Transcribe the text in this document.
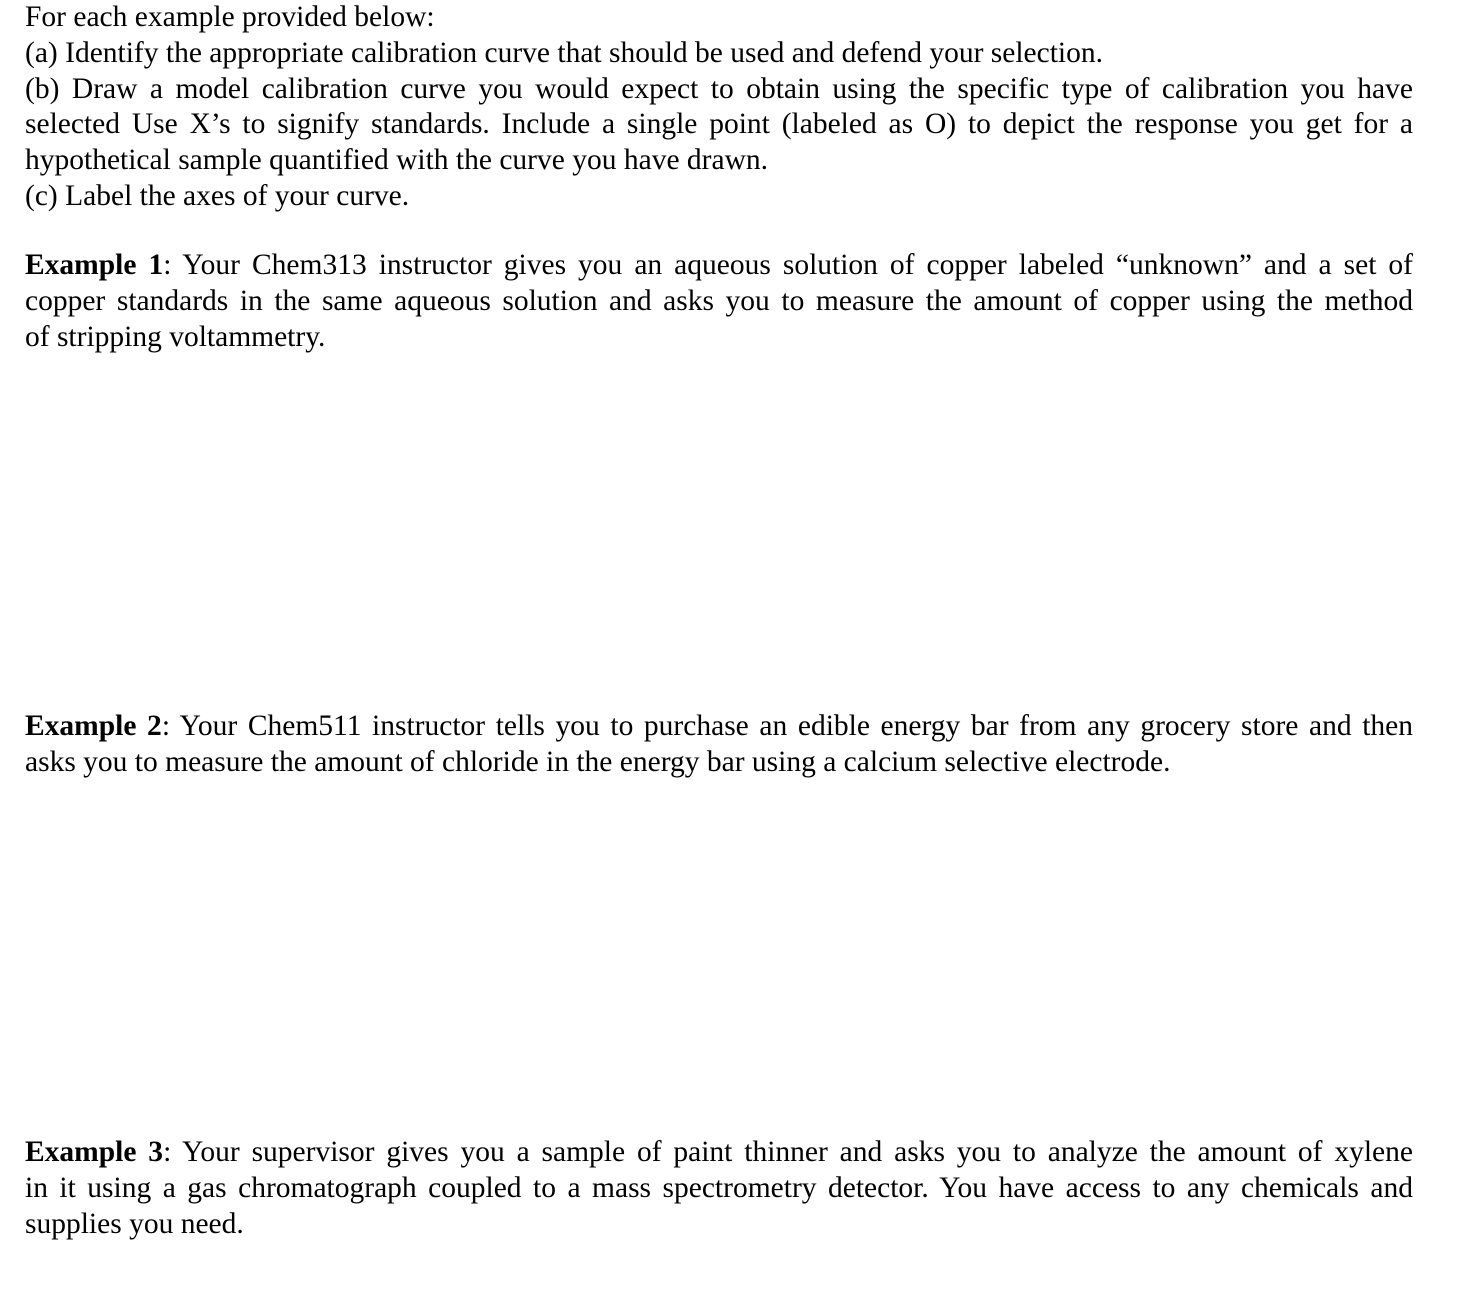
For each example provided below:
(a) Identify the appropriate calibration curve that should be used and defend your selection.
(b) Draw a model calibration curve you would expect to obtain using the specific type of calibration you have
selected Use X’s to signify standards. Include a single point (labeled as O) to depict the response you get for a
hypothetical sample quantified with the curve you have drawn.
(c) Label the axes of your curve.
Example 1: Your Chem313 instructor gives you an aqueous solution of copper labeled “unknown” and a set of
copper standards in the same aqueous solution and asks you to measure the amount of copper using the method
of stripping voltammetry.
Example 2: Your Chem511 instructor tells you to purchase an edible energy bar from any grocery store and then
asks you to measure the amount of chloride in the energy bar using a calcium selective electrode.
Example 3: Your supervisor gives you a sample of paint thinner and asks you to analyze the amount of xylene
in it using a gas chromatograph coupled to a mass spectrometry detector. You have access to any chemicals and
supplies you need.
